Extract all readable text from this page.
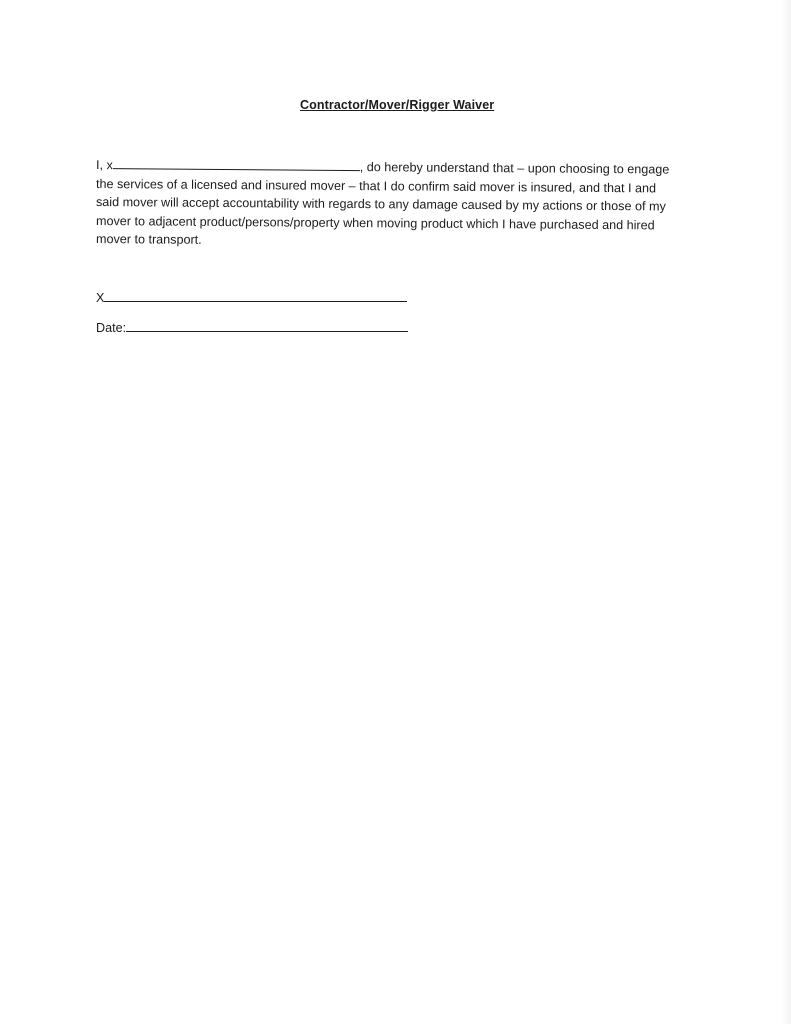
Contractor/Mover/Rigger Waiver
I, x	, do hereby understand that – upon choosing to engage
the services of a licensed and insured mover – that I do confirm said mover is insured, and that I and
said mover will accept accountability with regards to any damage caused by my actions or those of my
mover to adjacent product/persons/property when moving product which I have purchased and hired
mover to transport.
X
Date:
